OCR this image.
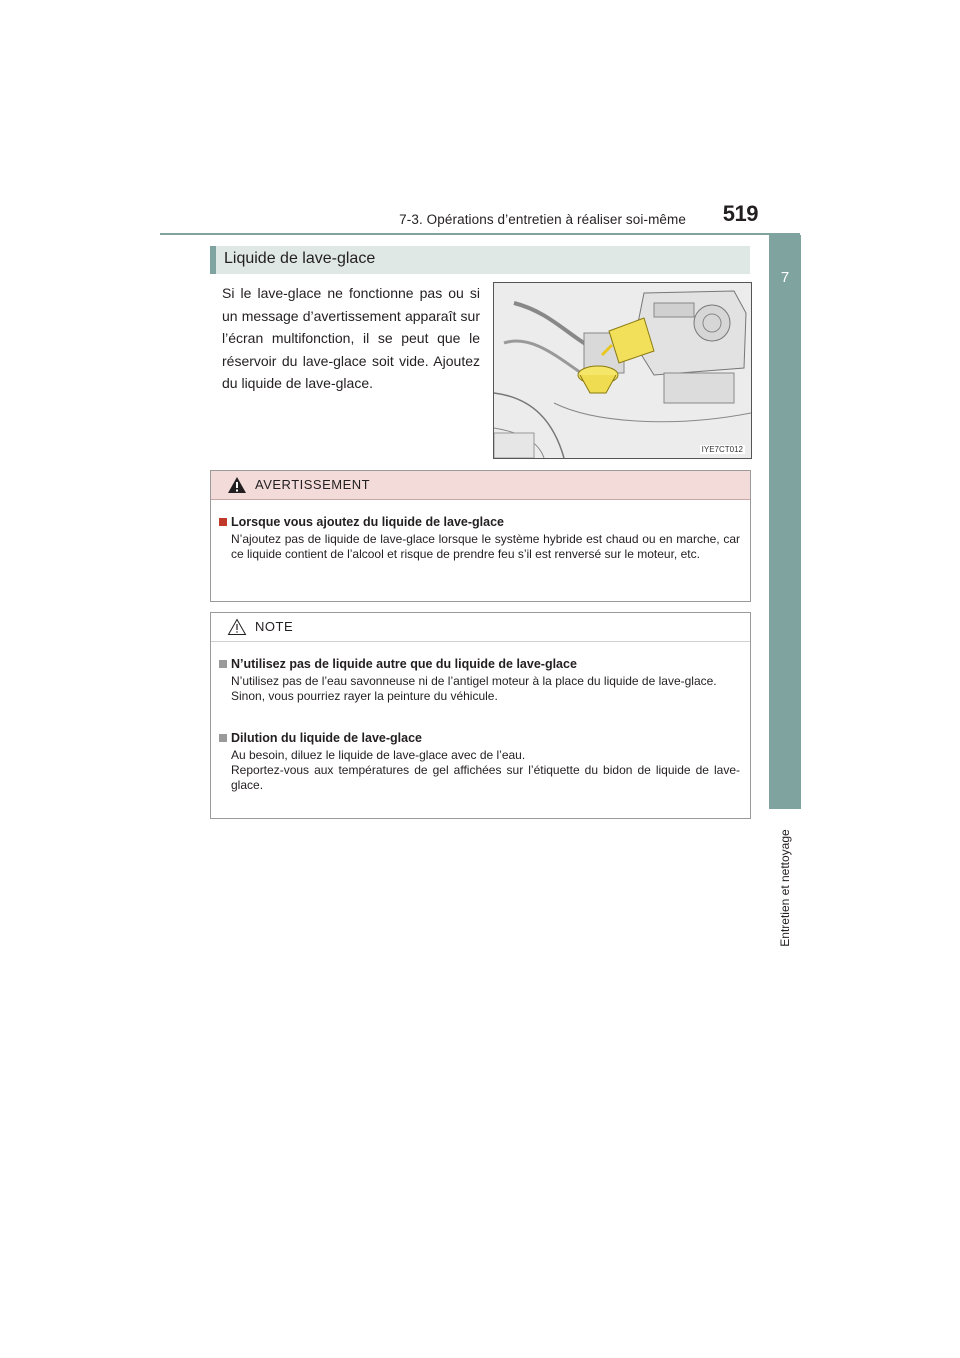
7-3. Opérations d’entretien à réaliser soi-même 519
7
Entretien et nettoyage
Liquide de lave-glace
Si le lave-glace ne fonctionne pas ou si un message d’avertissement apparaît sur l’écran multifonction, il se peut que le réservoir du lave-glace soit vide. Ajoutez du liquide de lave-glace.
IYE7CT012
AVERTISSEMENT
Lorsque vous ajoutez du liquide de lave-glace
N’ajoutez pas de liquide de lave-glace lorsque le système hybride est chaud ou en marche, car ce liquide contient de l’alcool et risque de prendre feu s’il est renversé sur le moteur, etc.
NOTE
N’utilisez pas de liquide autre que du liquide de lave-glace
N’utilisez pas de l’eau savonneuse ni de l’antigel moteur à la place du liquide de lave-glace.
Sinon, vous pourriez rayer la peinture du véhicule.
Dilution du liquide de lave-glace
Au besoin, diluez le liquide de lave-glace avec de l’eau.
Reportez-vous aux températures de gel affichées sur l’étiquette du bidon de liquide de lave-glace.
